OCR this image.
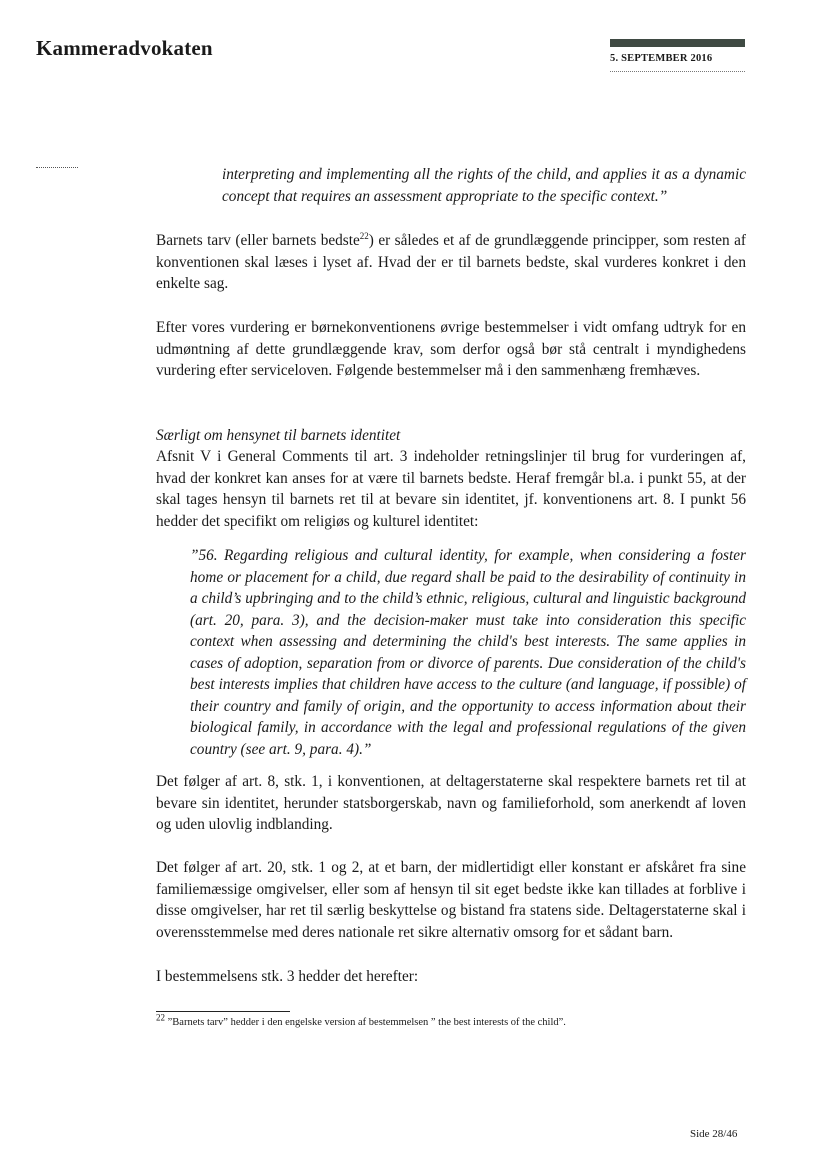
Kammeradvokaten	5. SEPTEMBER 2016
interpreting and implementing all the rights of the child, and applies it as a dynamic concept that requires an assessment appropriate to the specific context.”
Barnets tarv (eller barnets bedste$^{22}$) er således et af de grundlæggende principper, som resten af konventionen skal læses i lyset af. Hvad der er til barnets bedste, skal vurderes konkret i den enkelte sag.
Efter vores vurdering er børnekonventionens øvrige bestemmelser i vidt omfang udtryk for en udmøntning af dette grundlæggende krav, som derfor også bør stå centralt i myndighedens vurdering efter serviceloven. Følgende bestemmelser må i den sammenhæng fremhæves.
Særligt om hensynet til barnets identitet
Afsnit V i General Comments til art. 3 indeholder retningslinjer til brug for vurderingen af, hvad der konkret kan anses for at være til barnets bedste. Heraf fremgår bl.a. i punkt 55, at der skal tages hensyn til barnets ret til at bevare sin identitet, jf. konventionens art. 8. I punkt 56 hedder det specifikt om religiøs og kulturel identitet:
”56. Regarding religious and cultural identity, for example, when considering a foster home or placement for a child, due regard shall be paid to the desirability of continuity in a child’s upbringing and to the child’s ethnic, religious, cultural and linguistic background (art. 20, para. 3), and the decision-maker must take into consideration this specific context when assessing and determining the child's best interests. The same applies in cases of adoption, separation from or divorce of parents. Due consideration of the child's best interests implies that children have access to the culture (and language, if possible) of their country and family of origin, and the opportunity to access information about their biological family, in accordance with the legal and professional regulations of the given country (see art. 9, para. 4).”
Det følger af art. 8, stk. 1, i konventionen, at deltagerstaterne skal respektere barnets ret til at bevare sin identitet, herunder statsborgerskab, navn og familieforhold, som anerkendt af loven og uden ulovlig indblanding.
Det følger af art. 20, stk. 1 og 2, at et barn, der midlertidigt eller konstant er afskåret fra sine familiemæssige omgivelser, eller som af hensyn til sit eget bedste ikke kan tillades at forblive i disse omgivelser, har ret til særlig beskyttelse og bistand fra statens side. Deltagerstaterne skal i overensstemmelse med deres nationale ret sikre alternativ omsorg for et sådant barn.
I bestemmelsens stk. 3 hedder det herefter:
$^{22}$ ”Barnets tarv” hedder i den engelske version af bestemmelsen ” the best interests of the child”.
Side 28/46
